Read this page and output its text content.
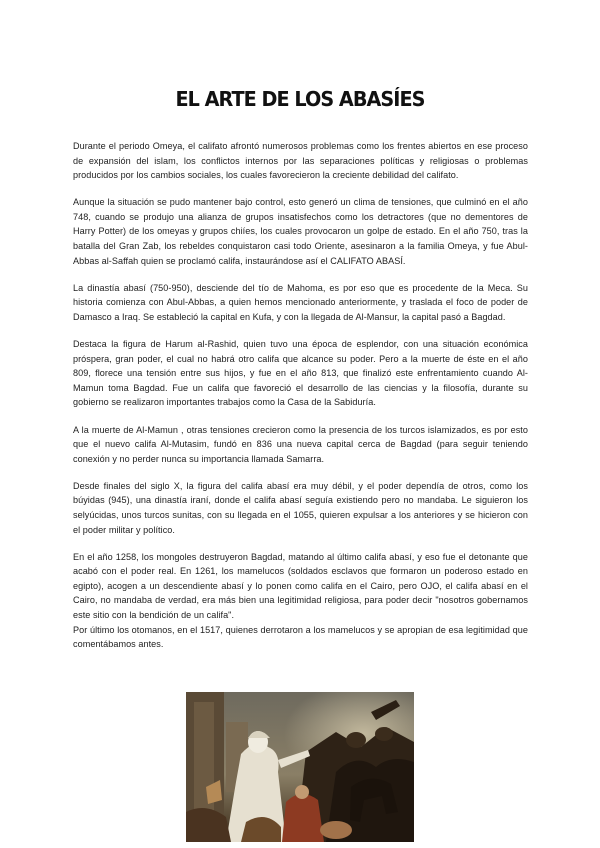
EL ARTE DE LOS ABASÍES

Durante el periodo Omeya, el califato afrontó numerosos problemas como los frentes abiertos en ese proceso de expansión del islam, los conflictos internos por las separaciones políticas y religiosas o problemas producidos por los cambios sociales, los cuales favorecieron la creciente debilidad del califato.

Aunque la situación se pudo mantener bajo control, esto generó un clima de tensiones, que culminó en el año 748, cuando se produjo una alianza de grupos insatisfechos como los detractores (que no dementores de Harry Potter) de los omeyas y grupos chiíes, los cuales provocaron un golpe de estado. En el año 750, tras la batalla del Gran Zab, los rebeldes conquistaron casi todo Oriente, asesinaron a la familia Omeya, y fue Abul-Abbas al-Saffah quien se proclamó califa, instaurándose así el CALIFATO ABASÍ.

La dinastía abasí (750-950), desciende del tío de Mahoma, es por eso que es procedente de la Meca. Su historia comienza con Abul-Abbas, a quien hemos mencionado anteriormente, y traslada el foco de poder de Damasco a Iraq. Se estableció la capital en Kufa, y con la llegada de Al-Mansur, la capital pasó a Bagdad.

Destaca la figura de Harum al-Rashid, quien tuvo una época de esplendor, con una situación económica próspera, gran poder, el cual no habrá otro califa que alcance su poder. Pero a la muerte de éste en el año 809, florece una tensión entre sus hijos, y fue en el año 813, que finalizó este enfrentamiento cuando Al-Mamun toma Bagdad. Fue un califa que favoreció el desarrollo de las ciencias y la filosofía, durante su gobierno se realizaron importantes trabajos como la Casa de la Sabiduría.

A la muerte de Al-Mamun , otras tensiones crecieron como la presencia de los turcos islamizados, es por esto que el nuevo califa Al-Mutasim, fundó en 836 una nueva capital cerca de Bagdad (para seguir teniendo conexión y no perder nunca su importancia llamada Samarra.

Desde finales del siglo X, la figura del califa abasí era muy débil, y el poder dependía de otros, como los búyidas (945), una dinastía iraní, donde el califa abasí seguía existiendo pero no mandaba. Le siguieron los selyúcidas, unos turcos sunitas, con su llegada en el 1055, quieren expulsar a los anteriores y se hicieron con el poder militar y político.

En el año 1258, los mongoles destruyeron Bagdad, matando al último califa abasí, y eso fue el detonante que acabó con el poder real. En 1261, los mamelucos (soldados esclavos que formaron un poderoso estado en egipto), acogen a un descendiente abasí y lo ponen como califa en el Cairo, pero OJO, el califa abasí en el Cairo, no mandaba de verdad, era más bien una legitimidad religiosa, para poder decir "nosotros gobernamos este sitio con la bendición de un califa".

Por último los otomanos, en el 1517, quienes derrotaron a los mamelucos y se apropian de esa legitimidad que comentábamos antes.
